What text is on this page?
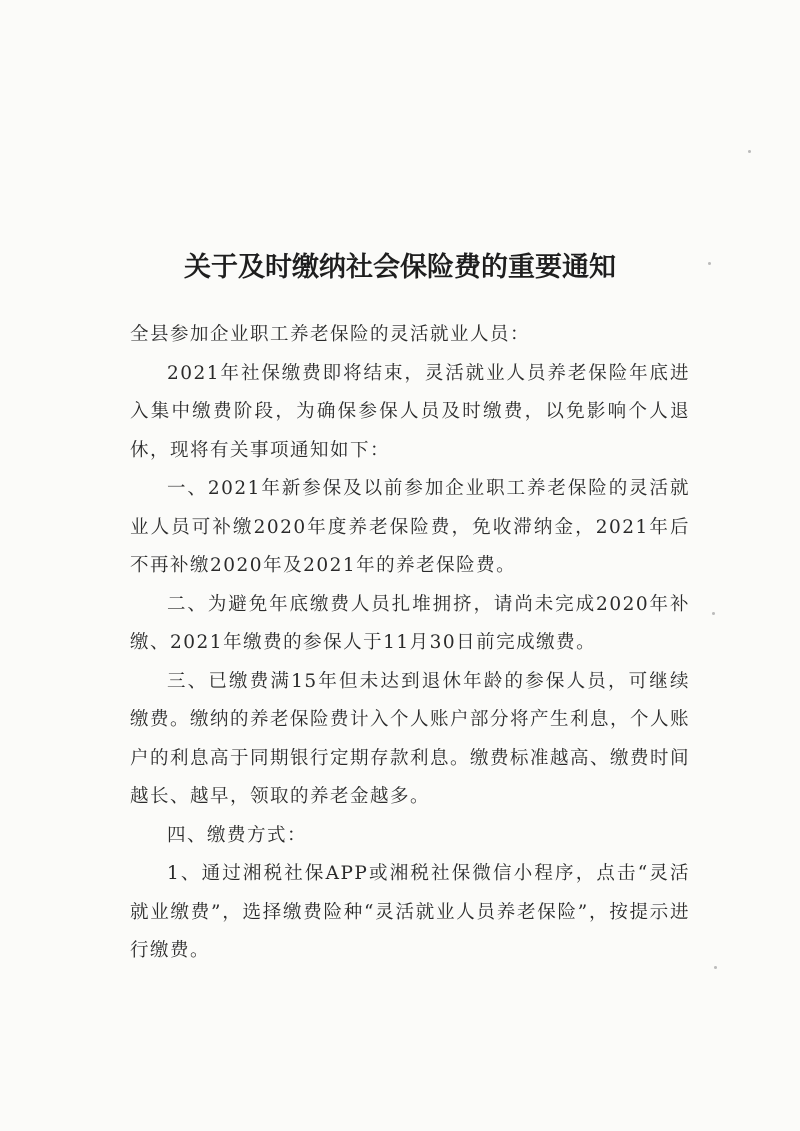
关于及时缴纳社会保险费的重要通知

全县参加企业职工养老保险的灵活就业人员：

2021年社保缴费即将结束，灵活就业人员养老保险年底进入集中缴费阶段，为确保参保人员及时缴费，以免影响个人退休，现将有关事项通知如下：

一、2021年新参保及以前参加企业职工养老保险的灵活就业人员可补缴2020年度养老保险费，免收滞纳金，2021年后不再补缴2020年及2021年的养老保险费。

二、为避免年底缴费人员扎堆拥挤，请尚未完成2020年补缴、2021年缴费的参保人于11月30日前完成缴费。

三、已缴费满15年但未达到退休年龄的参保人员，可继续缴费。缴纳的养老保险费计入个人账户部分将产生利息，个人账户的利息高于同期银行定期存款利息。缴费标准越高、缴费时间越长、越早，领取的养老金越多。

四、缴费方式：

1、通过湘税社保APP或湘税社保微信小程序，点击“灵活就业缴费”，选择缴费险种“灵活就业人员养老保险”，按提示进行缴费。
